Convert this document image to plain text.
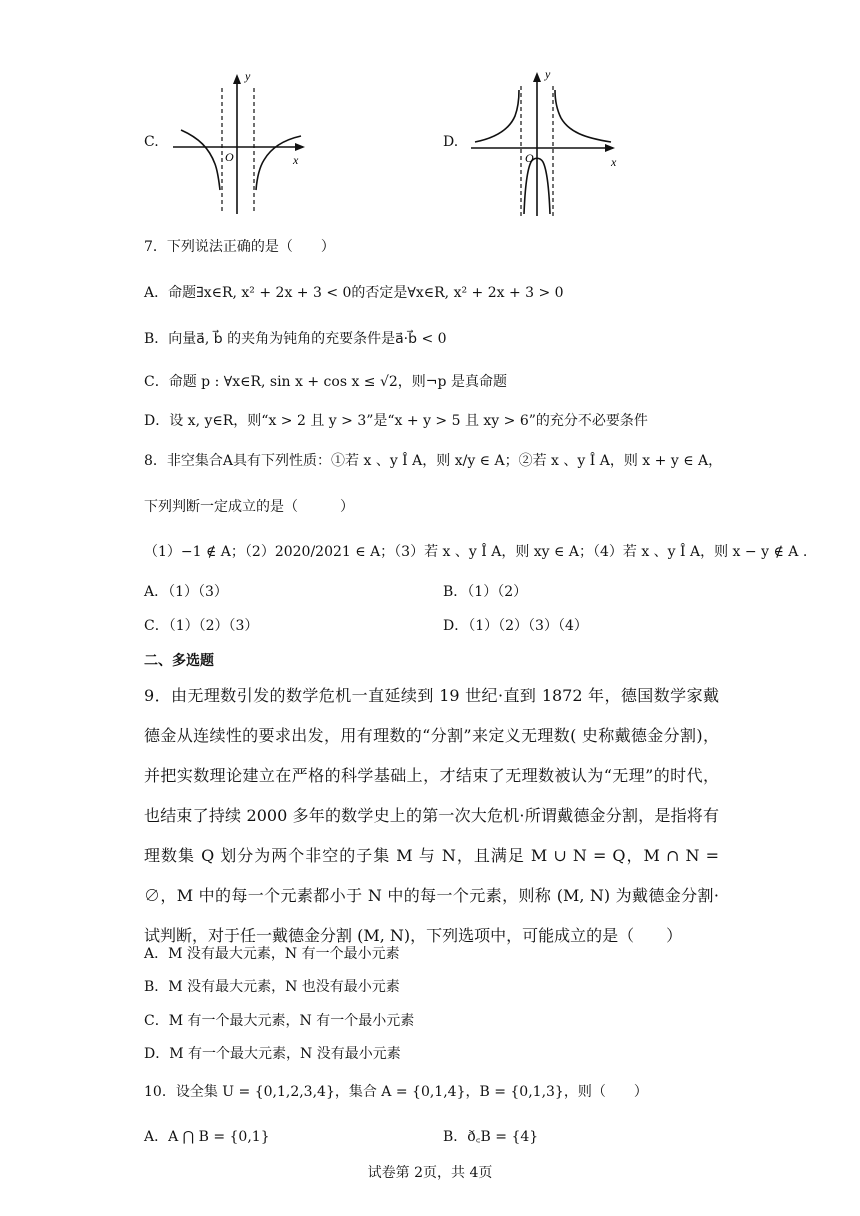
C.
y
x
O
D.
y
x
O
7．下列说法正确的是（　　）
A．命题∃x∈R, x² + 2x + 3 < 0的否定是∀x∈R, x² + 2x + 3 > 0
B．向量a⃗, b⃗ 的夹角为钝角的充要条件是a⃗·b⃗ < 0
C．命题 p : ∀x∈R, sin x + cos x ≤ √2，则¬p 是真命题
D．设 x, y∈R，则“x > 2 且 y > 3”是“x + y > 5 且 xy > 6”的充分不必要条件
8．非空集合A具有下列性质：①若 x 、y Î A，则 x/y ∈ A；②若 x 、y Î A，则 x + y ∈ A，
下列判断一定成立的是（　　　）
（1）−1 ∉ A；（2）2020/2021 ∈ A；（3）若 x 、y Î A，则 xy ∈ A；（4）若 x 、y Î A，则 x − y ∉ A .
A．（1）（3）	B．（1）（2）
C．（1）（2）（3）	D．（1）（2）（3）（4）
二、多选题
9．由无理数引发的数学危机一直延续到 19 世纪·直到 1872 年，德国数学家戴德金从连续性的要求出发，用有理数的“分割”来定义无理数( 史称戴德金分割)，并把实数理论建立在严格的科学基础上，才结束了无理数被认为“无理”的时代，也结束了持续 2000 多年的数学史上的第一次大危机·所谓戴德金分割，是指将有理数集 Q 划分为两个非空的子集 M 与 N，且满足 M ∪ N = Q，M ∩ N = ∅，M 中的每一个元素都小于 N 中的每一个元素，则称 (M, N) 为戴德金分割·试判断，对于任一戴德金分割 (M, N)，下列选项中，可能成立的是（　　）
A．M 没有最大元素，N 有一个最小元素
B．M 没有最大元素，N 也没有最小元素
C．M 有一个最大元素，N 有一个最小元素
D．M 有一个最大元素，N 没有最小元素
10．设全集 U = {0,1,2,3,4}，集合 A = {0,1,4}，B = {0,1,3}，则（　　）
A．A ⋂ B = {0,1}	B．ð꜀B = {4}
试卷第 2页，共 4页
